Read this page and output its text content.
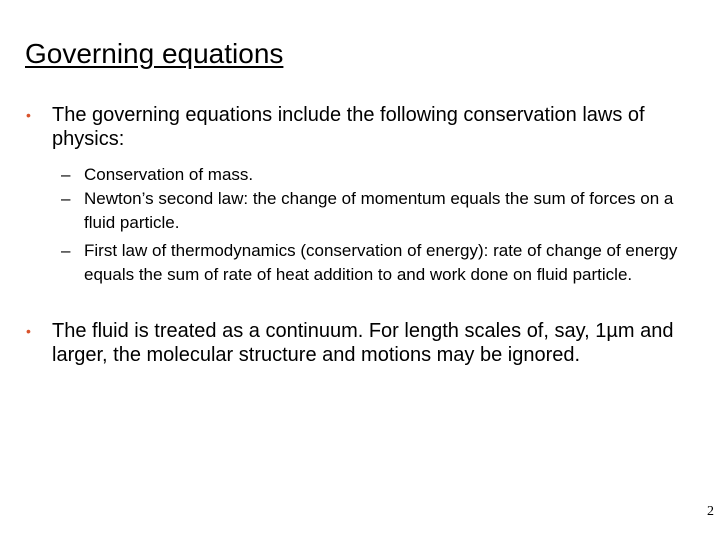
Governing equations
• The governing equations include the following conservation laws of physics:
– Conservation of mass.
– Newton’s second law: the change of momentum equals the sum of forces on a fluid particle.
– First law of thermodynamics (conservation of energy): rate of change of energy equals the sum of rate of heat addition to and work done on fluid particle.
• The fluid is treated as a continuum. For length scales of, say, 1µm and larger, the molecular structure and motions may be ignored.
2
